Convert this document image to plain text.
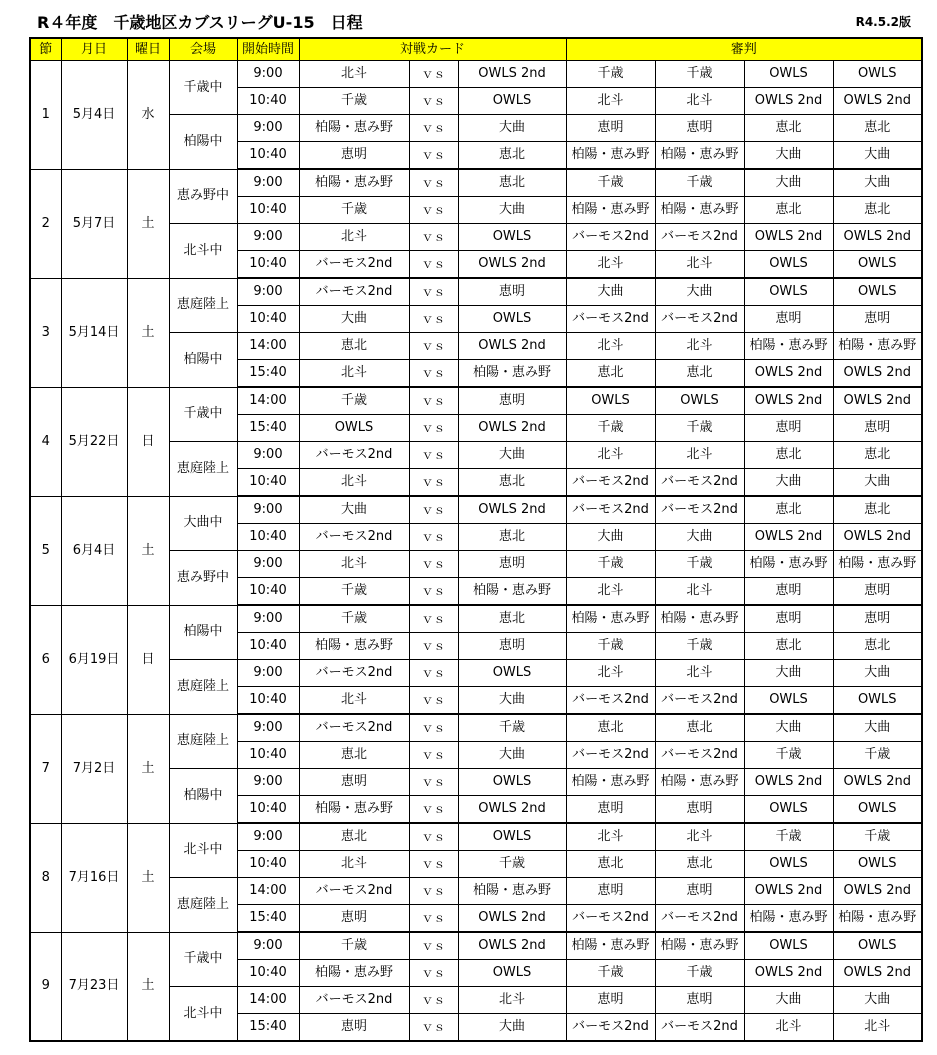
R４年度　千歳地区カブスリーグU-15　日程	R4.5.2版
節	月日	曜日	会場	開始時間	対戦カード			審判			
1	5月4日	水	千歳中	9:00	北斗	ｖｓ	OWLS 2nd	千歳	千歳	OWLS	OWLS
				10:40	千歳	ｖｓ	OWLS	北斗	北斗	OWLS 2nd	OWLS 2nd
			柏陽中	9:00	柏陽・恵み野	ｖｓ	大曲	恵明	恵明	恵北	恵北
				10:40	恵明	ｖｓ	恵北	柏陽・恵み野	柏陽・恵み野	大曲	大曲
2	5月7日	土	恵み野中	9:00	柏陽・恵み野	ｖｓ	恵北	千歳	千歳	大曲	大曲
				10:40	千歳	ｖｓ	大曲	柏陽・恵み野	柏陽・恵み野	恵北	恵北
			北斗中	9:00	北斗	ｖｓ	OWLS	バーモス2nd	バーモス2nd	OWLS 2nd	OWLS 2nd
				10:40	バーモス2nd	ｖｓ	OWLS 2nd	北斗	北斗	OWLS	OWLS
3	5月14日	土	恵庭陸上	9:00	バーモス2nd	ｖｓ	恵明	大曲	大曲	OWLS	OWLS
				10:40	大曲	ｖｓ	OWLS	バーモス2nd	バーモス2nd	恵明	恵明
			柏陽中	14:00	恵北	ｖｓ	OWLS 2nd	北斗	北斗	柏陽・恵み野	柏陽・恵み野
				15:40	北斗	ｖｓ	柏陽・恵み野	恵北	恵北	OWLS 2nd	OWLS 2nd
4	5月22日	日	千歳中	14:00	千歳	ｖｓ	恵明	OWLS	OWLS	OWLS 2nd	OWLS 2nd
				15:40	OWLS	ｖｓ	OWLS 2nd	千歳	千歳	恵明	恵明
			恵庭陸上	9:00	バーモス2nd	ｖｓ	大曲	北斗	北斗	恵北	恵北
				10:40	北斗	ｖｓ	恵北	バーモス2nd	バーモス2nd	大曲	大曲
5	6月4日	土	大曲中	9:00	大曲	ｖｓ	OWLS 2nd	バーモス2nd	バーモス2nd	恵北	恵北
				10:40	バーモス2nd	ｖｓ	恵北	大曲	大曲	OWLS 2nd	OWLS 2nd
			恵み野中	9:00	北斗	ｖｓ	恵明	千歳	千歳	柏陽・恵み野	柏陽・恵み野
				10:40	千歳	ｖｓ	柏陽・恵み野	北斗	北斗	恵明	恵明
6	6月19日	日	柏陽中	9:00	千歳	ｖｓ	恵北	柏陽・恵み野	柏陽・恵み野	恵明	恵明
				10:40	柏陽・恵み野	ｖｓ	恵明	千歳	千歳	恵北	恵北
			恵庭陸上	9:00	バーモス2nd	ｖｓ	OWLS	北斗	北斗	大曲	大曲
				10:40	北斗	ｖｓ	大曲	バーモス2nd	バーモス2nd	OWLS	OWLS
7	7月2日	土	恵庭陸上	9:00	バーモス2nd	ｖｓ	千歳	恵北	恵北	大曲	大曲
				10:40	恵北	ｖｓ	大曲	バーモス2nd	バーモス2nd	千歳	千歳
			柏陽中	9:00	恵明	ｖｓ	OWLS	柏陽・恵み野	柏陽・恵み野	OWLS 2nd	OWLS 2nd
				10:40	柏陽・恵み野	ｖｓ	OWLS 2nd	恵明	恵明	OWLS	OWLS
8	7月16日	土	北斗中	9:00	恵北	ｖｓ	OWLS	北斗	北斗	千歳	千歳
				10:40	北斗	ｖｓ	千歳	恵北	恵北	OWLS	OWLS
			恵庭陸上	14:00	バーモス2nd	ｖｓ	柏陽・恵み野	恵明	恵明	OWLS 2nd	OWLS 2nd
				15:40	恵明	ｖｓ	OWLS 2nd	バーモス2nd	バーモス2nd	柏陽・恵み野	柏陽・恵み野
9	7月23日	土	千歳中	9:00	千歳	ｖｓ	OWLS 2nd	柏陽・恵み野	柏陽・恵み野	OWLS	OWLS
				10:40	柏陽・恵み野	ｖｓ	OWLS	千歳	千歳	OWLS 2nd	OWLS 2nd
			北斗中	14:00	バーモス2nd	ｖｓ	北斗	恵明	恵明	大曲	大曲
				15:40	恵明	ｖｓ	大曲	バーモス2nd	バーモス2nd	北斗	北斗
